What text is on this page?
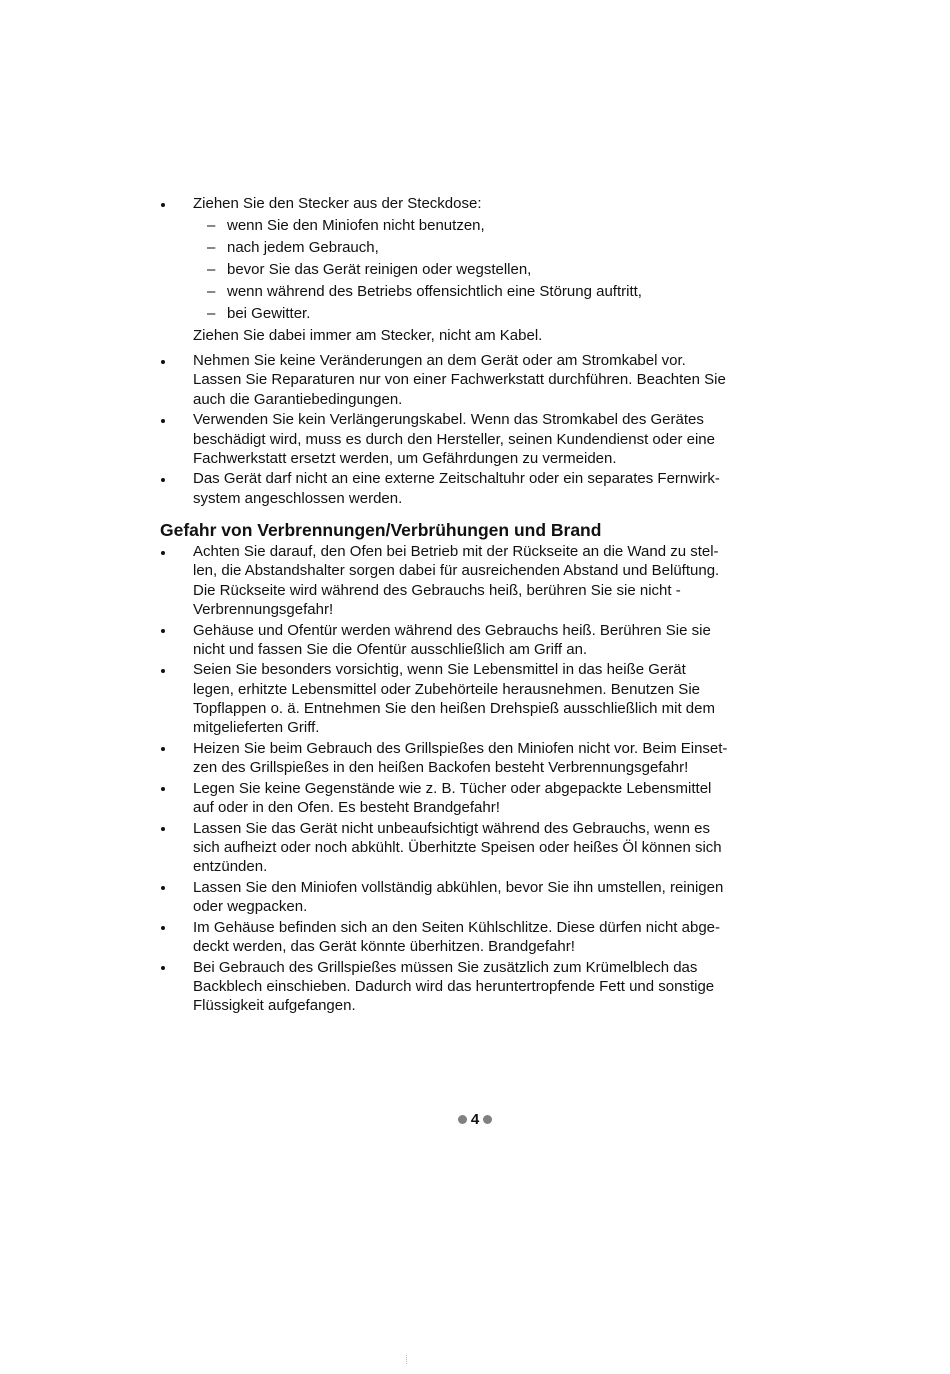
Ziehen Sie den Stecker aus der Steckdose:
– wenn Sie den Miniofen nicht benutzen,
– nach jedem Gebrauch,
– bevor Sie das Gerät reinigen oder wegstellen,
– wenn während des Betriebs offensichtlich eine Störung auftritt,
– bei Gewitter.
Ziehen Sie dabei immer am Stecker, nicht am Kabel.
Nehmen Sie keine Veränderungen an dem Gerät oder am Stromkabel vor.
Lassen Sie Reparaturen nur von einer Fachwerkstatt durchführen. Beachten Sie
auch die Garantiebedingungen.
Verwenden Sie kein Verlängerungskabel. Wenn das Stromkabel des Gerätes
beschädigt wird, muss es durch den Hersteller, seinen Kundendienst oder eine
Fachwerkstatt ersetzt werden, um Gefährdungen zu vermeiden.
Das Gerät darf nicht an eine externe Zeitschaltuhr oder ein separates Fernwirk-
system angeschlossen werden.
Gefahr von Verbrennungen/Verbrühungen und Brand
Achten Sie darauf, den Ofen bei Betrieb mit der Rückseite an die Wand zu stel-
len, die Abstandshalter sorgen dabei für ausreichenden Abstand und Belüftung.
Die Rückseite wird während des Gebrauchs heiß, berühren Sie sie nicht -
Verbrennungsgefahr!
Gehäuse und Ofentür werden während des Gebrauchs heiß. Berühren Sie sie
nicht und fassen Sie die Ofentür ausschließlich am Griff an.
Seien Sie besonders vorsichtig, wenn Sie Lebensmittel in das heiße Gerät
legen, erhitzte Lebensmittel oder Zubehörteile herausnehmen. Benutzen Sie
Topflappen o. ä. Entnehmen Sie den heißen Drehspieß ausschließlich mit dem
mitgelieferten Griff.
Heizen Sie beim Gebrauch des Grillspießes den Miniofen nicht vor. Beim Einset-
zen des Grillspießes in den heißen Backofen besteht Verbrennungsgefahr!
Legen Sie keine Gegenstände wie z. B. Tücher oder abgepackte Lebensmittel
auf oder in den Ofen. Es besteht Brandgefahr!
Lassen Sie das Gerät nicht unbeaufsichtigt während des Gebrauchs, wenn es
sich aufheizt oder noch abkühlt. Überhitzte Speisen oder heißes Öl können sich
entzünden.
Lassen Sie den Miniofen vollständig abkühlen, bevor Sie ihn umstellen, reinigen
oder wegpacken.
Im Gehäuse befinden sich an den Seiten Kühlschlitze. Diese dürfen nicht abge-
deckt werden, das Gerät könnte überhitzen. Brandgefahr!
Bei Gebrauch des Grillspießes müssen Sie zusätzlich zum Krümelblech das
Backblech einschieben. Dadurch wird das heruntertropfende Fett und sonstige
Flüssigkeit aufgefangen.
4
